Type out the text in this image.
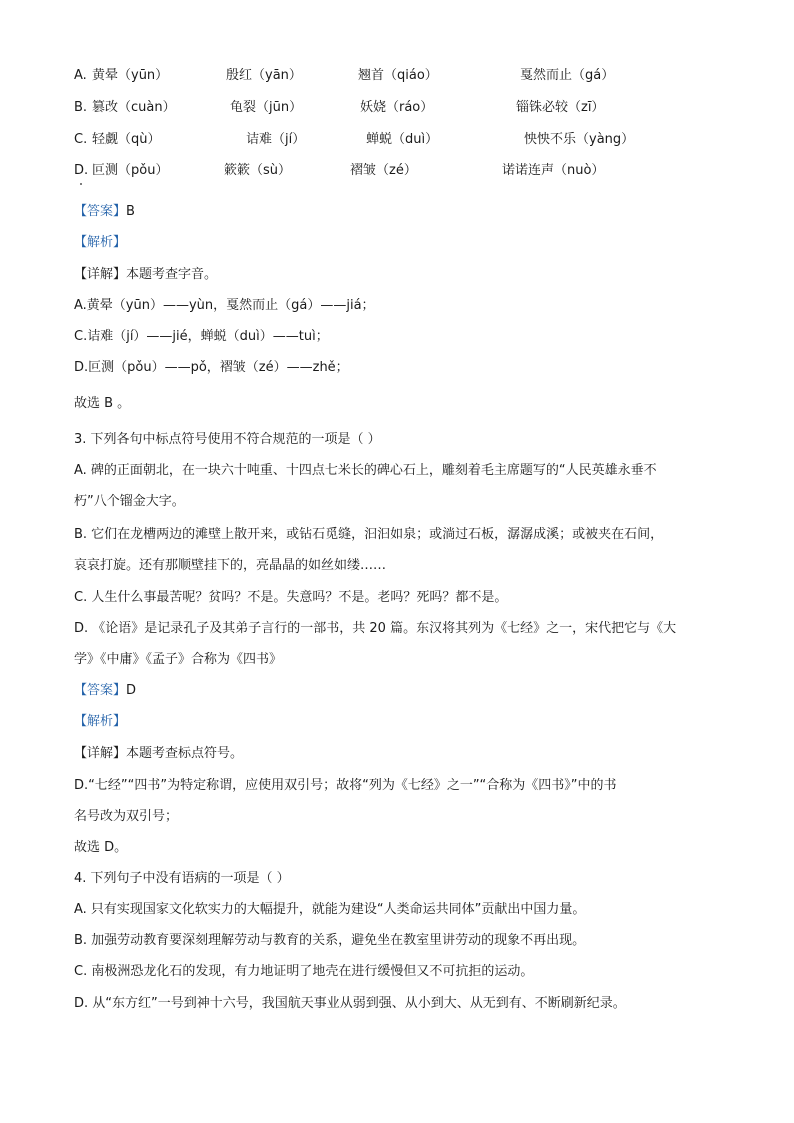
A. 黄晕（yūn）	殷红（yān）	翘首（qiáo）	戛然而止（gá）
B. 篡改（cuàn）	龟裂（jūn）	妖娆（ráo）	锱铢必较（zī）
C. 轻觑（qù）	诘难（jí）	蝉蜕（duì）	怏怏不乐（yàng）
D. 叵测（pǒu）	簌簌（sù）	褶皱（zé）	诺诺连声（nuò）
【答案】B
【解析】
【详解】本题考查字音。
A.黄晕（yūn）——yùn，戛然而止（gá）——jiá；
C.诘难（jí）——jié，蝉蜕（duì）——tuì；
D.叵测（pǒu）——pǒ，褶皱（zé）——zhě；
故选 B 。
3. 下列各句中标点符号使用不符合规范的一项是（ ）
A. 碑的正面朝北，在一块六十吨重、十四点七米长的碑心石上，雕刻着毛主席题写的“人民英雄永垂不
朽”八个镏金大字。
B. 它们在龙槽两边的滩壁上散开来，或钻石觅缝，汩汩如泉；或淌过石板，潺潺成溪；或被夹在石间，
哀哀打旋。还有那顺壁挂下的，亮晶晶的如丝如缕……
C. 人生什么事最苦呢？贫吗？不是。失意吗？不是。老吗？死吗？都不是。
D. 《论语》是记录孔子及其弟子言行的一部书，共 20 篇。东汉将其列为《七经》之一，宋代把它与《大
学》《中庸》《孟子》合称为《四书》
【答案】D
【解析】
【详解】本题考查标点符号。
D.“七经”“四书”为特定称谓，应使用双引号；故将“列为《七经》之一”“合称为《四书》”中的书
名号改为双引号；
故选 D。
4. 下列句子中没有语病的一项是（ ）
A. 只有实现国家文化软实力的大幅提升，就能为建设“人类命运共同体”贡献出中国力量。
B. 加强劳动教育要深刻理解劳动与教育的关系，避免坐在教室里讲劳动的现象不再出现。
C. 南极洲恐龙化石的发现，有力地证明了地壳在进行缓慢但又不可抗拒的运动。
D. 从“东方红”一号到神十六号，我国航天事业从弱到强、从小到大、从无到有、不断刷新纪录。
